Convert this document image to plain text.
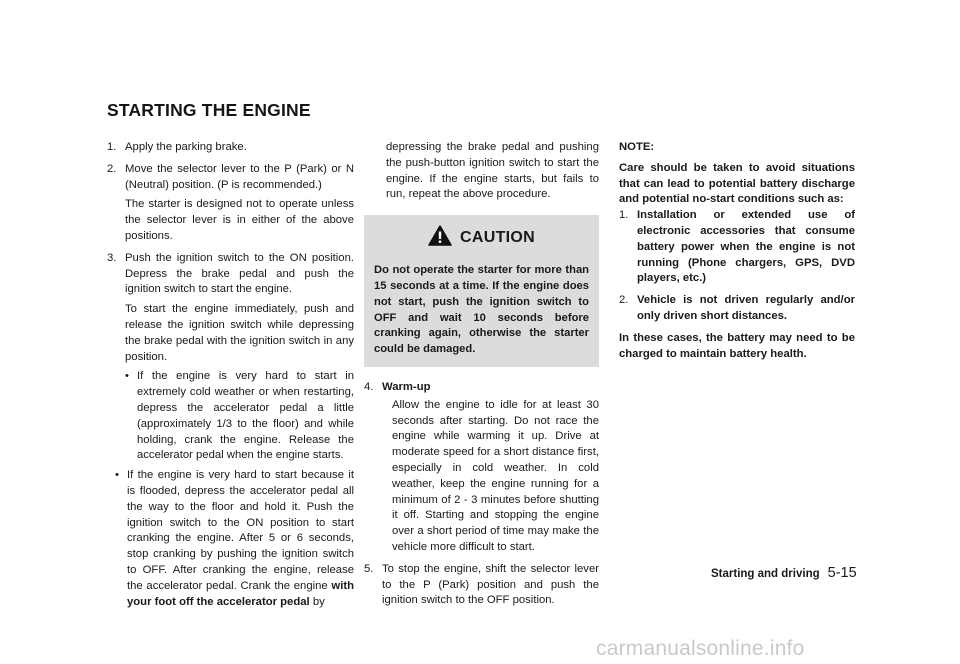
STARTING THE ENGINE
1. Apply the parking brake.
2. Move the selector lever to the P (Park) or N (Neutral) position. (P is recommended.)

The starter is designed not to operate unless the selector lever is in either of the above positions.

3. Push the ignition switch to the ON position. Depress the brake pedal and push the ignition switch to start the engine.

To start the engine immediately, push and release the ignition switch while depressing the brake pedal with the ignition switch in any position.

• If the engine is very hard to start in extremely cold weather or when restarting, depress the accelerator pedal a little (approximately 1/3 to the floor) and while holding, crank the engine. Release the accelerator pedal when the engine starts.

• If the engine is very hard to start because it is flooded, depress the accelerator pedal all the way to the floor and hold it. Push the ignition switch to the ON position to start cranking the engine. After 5 or 6 seconds, stop cranking by pushing the ignition switch to OFF. After cranking the engine, release the accelerator pedal. Crank the engine with your foot off the accelerator pedal by

depressing the brake pedal and pushing the push-button ignition switch to start the engine. If the engine starts, but fails to run, repeat the above procedure.

CAUTION

Do not operate the starter for more than 15 seconds at a time. If the engine does not start, push the ignition switch to OFF and wait 10 seconds before cranking again, otherwise the starter could be damaged.

4. Warm-up

Allow the engine to idle for at least 30 seconds after starting. Do not race the engine while warming it up. Drive at moderate speed for a short distance first, especially in cold weather. In cold weather, keep the engine running for a minimum of 2 - 3 minutes before shutting it off. Starting and stopping the engine over a short period of time may make the vehicle more difficult to start.

5. To stop the engine, shift the selector lever to the P (Park) position and push the ignition switch to the OFF position.

NOTE:

Care should be taken to avoid situations that can lead to potential battery discharge and potential no-start conditions such as:

1. Installation or extended use of electronic accessories that consume battery power when the engine is not running (Phone chargers, GPS, DVD players, etc.)

2. Vehicle is not driven regularly and/or only driven short distances.

In these cases, the battery may need to be charged to maintain battery health.

Starting and driving 5-15
carmanualsonline.info
